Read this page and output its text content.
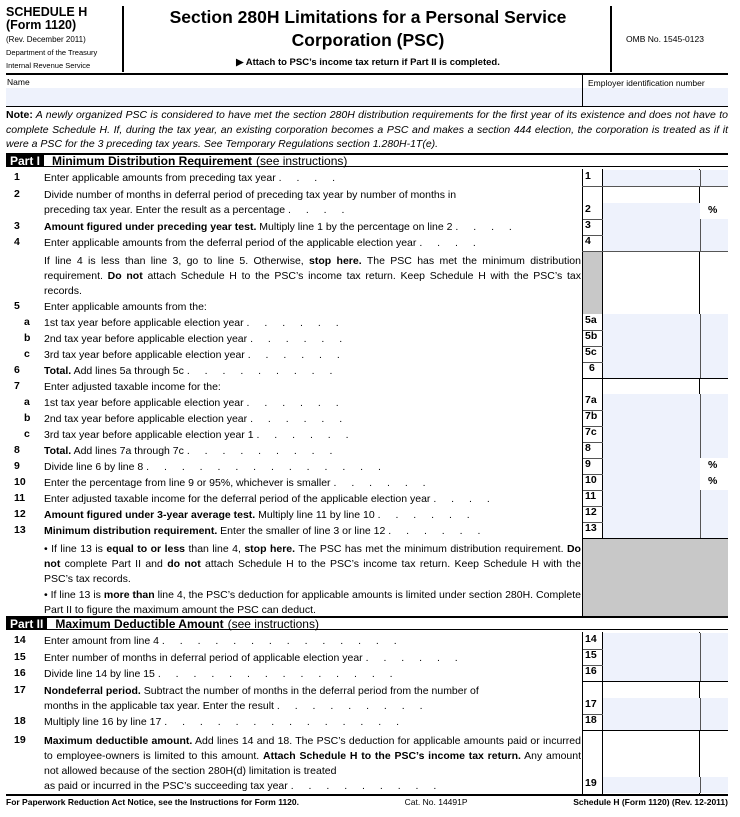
SCHEDULE H
(Form 1120)
(Rev. December 2011)
Department of the Treasury
Internal Revenue Service
Section 280H Limitations for a Personal Service
Corporation (PSC)
▶ Attach to PSC’s income tax return if Part II is completed.
OMB No. 1545-0123
Name	Employer identification number
Note: A newly organized PSC is considered to have met the section 280H distribution requirements for the first year of its existence and does not have to complete Schedule H. If, during the tax year, an existing corporation becomes a PSC and makes a section 444 election, the corporation is treated as if it were a PSC for the 3 preceding tax years. See Temporary Regulations section 1.280H-1T(e).
Part I	Minimum Distribution Requirement (see instructions)
1	Enter applicable amounts from preceding tax year . . . .	1
2	Divide number of months in deferral period of preceding tax year by number of months in
preceding tax year. Enter the result as a percentage . . . .	2	%
3	Amount figured under preceding year test. Multiply line 1 by the percentage on line 2 . . . .	3
4	Enter applicable amounts from the deferral period of the applicable election year . . . .	4
If line 4 is less than line 3, go to line 5. Otherwise, stop here. The PSC has met the minimum distribution requirement. Do not attach Schedule H to the PSC’s income tax return. Keep Schedule H with the PSC’s tax records.
5	Enter applicable amounts from the:
a	1st tax year before applicable election year . . . . . .	5a
b	2nd tax year before applicable election year . . . . . .	5b
c	3rd tax year before applicable election year . . . . . .	5c
6	Total. Add lines 5a through 5c . . . . . . . . .	6
7	Enter adjusted taxable income for the:
a	1st tax year before applicable election year . . . . . .	7a
b	2nd tax year before applicable election year . . . . . .	7b
c	3rd tax year before applicable election year 1 . . . . . .	7c
8	Total. Add lines 7a through 7c . . . . . . . . .	8
9	Divide line 6 by line 8 . . . . . . . . . . . . . .	9	%
10	Enter the percentage from line 9 or 95%, whichever is smaller . . . . . .	10	%
11	Enter adjusted taxable income for the deferral period of the applicable election year . . . .	11
12	Amount figured under 3-year average test. Multiply line 11 by line 10 . . . . . .	12
13	Minimum distribution requirement. Enter the smaller of line 3 or line 12 . . . . . .	13
• If line 13 is equal to or less than line 4, stop here. The PSC has met the minimum distribution requirement. Do not complete Part II and do not attach Schedule H to the PSC’s income tax return. Keep Schedule H with the PSC’s tax records.
• If line 13 is more than line 4, the PSC’s deduction for applicable amounts is limited under section 280H. Complete Part II to figure the maximum amount the PSC can deduct.
Part II	Maximum Deductible Amount (see instructions)
14	Enter amount from line 4 . . . . . . . . . . . . . .	14
15	Enter number of months in deferral period of applicable election year . . . . . .	15
16	Divide line 14 by line 15 . . . . . . . . . . . . . .	16
17	Nondeferral period. Subtract the number of months in the deferral period from the number of
months in the applicable tax year. Enter the result . . . . . . . . .	17
18	Multiply line 16 by line 17 . . . . . . . . . . . . . .	18
19	Maximum deductible amount. Add lines 14 and 18. The PSC’s deduction for applicable amounts paid or incurred to employee-owners is limited to this amount. Attach Schedule H to the PSC’s income tax return. Any amount not allowed because of the section 280H(d) limitation is treated
as paid or incurred in the PSC’s succeeding tax year . . . . . . . . .	19
For Paperwork Reduction Act Notice, see the Instructions for Form 1120.	Cat. No. 14491P	Schedule H (Form 1120) (Rev. 12-2011)
